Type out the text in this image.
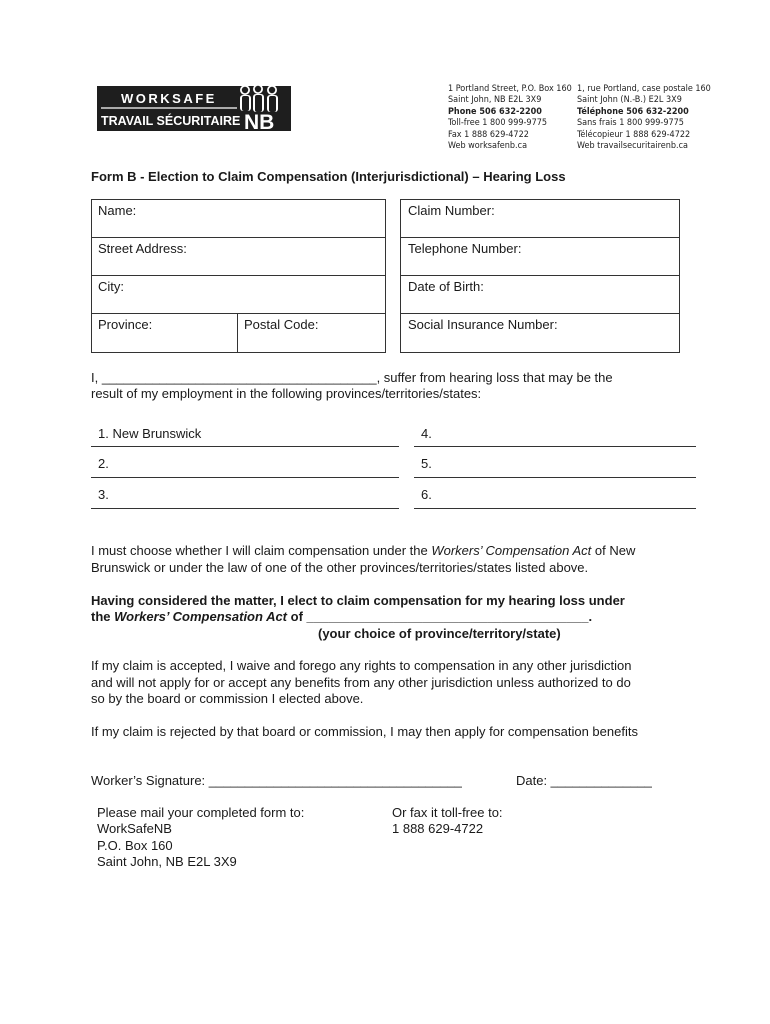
WORKSAFE
TRAVAIL SÉCURITAIRE NB
1 Portland Street, P.O. Box 160
Saint John, NB E2L 3X9
Phone 506 632-2200
Toll-free 1 800 999-9775
Fax 1 888 629-4722
Web worksafenb.ca
1, rue Portland, case postale 160
Saint John (N.-B.) E2L 3X9
Téléphone 506 632-2200
Sans frais 1 800 999-9775
Télécopieur 1 888 629-4722
Web travailsecuritairenb.ca
Form B - Election to Claim Compensation (Interjurisdictional) – Hearing Loss
Name:
Street Address:
City:
Province:	Postal Code:
Claim Number:
Telephone Number:
Date of Birth:
Social Insurance Number:
I, ______________________________________, suffer from hearing loss that may be the
result of my employment in the following provinces/territories/states:
1. New Brunswick
2.
3.
4.
5.
6.
I must choose whether I will claim compensation under the Workers’ Compensation Act of New
Brunswick or under the law of one of the other provinces/territories/states listed above.
Having considered the matter, I elect to claim compensation for my hearing loss under
the Workers’ Compensation Act of _______________________________________.
(your choice of province/territory/state)
If my claim is accepted, I waive and forego any rights to compensation in any other jurisdiction
and will not apply for or accept any benefits from any other jurisdiction unless authorized to do
so by the board or commission I elected above.
If my claim is rejected by that board or commission, I may then apply for compensation benefits
Worker’s Signature: ___________________________________	Date: ______________
Please mail your completed form to:
WorkSafeNB
P.O. Box 160
Saint John, NB E2L 3X9
Or fax it toll-free to:
1 888 629-4722
